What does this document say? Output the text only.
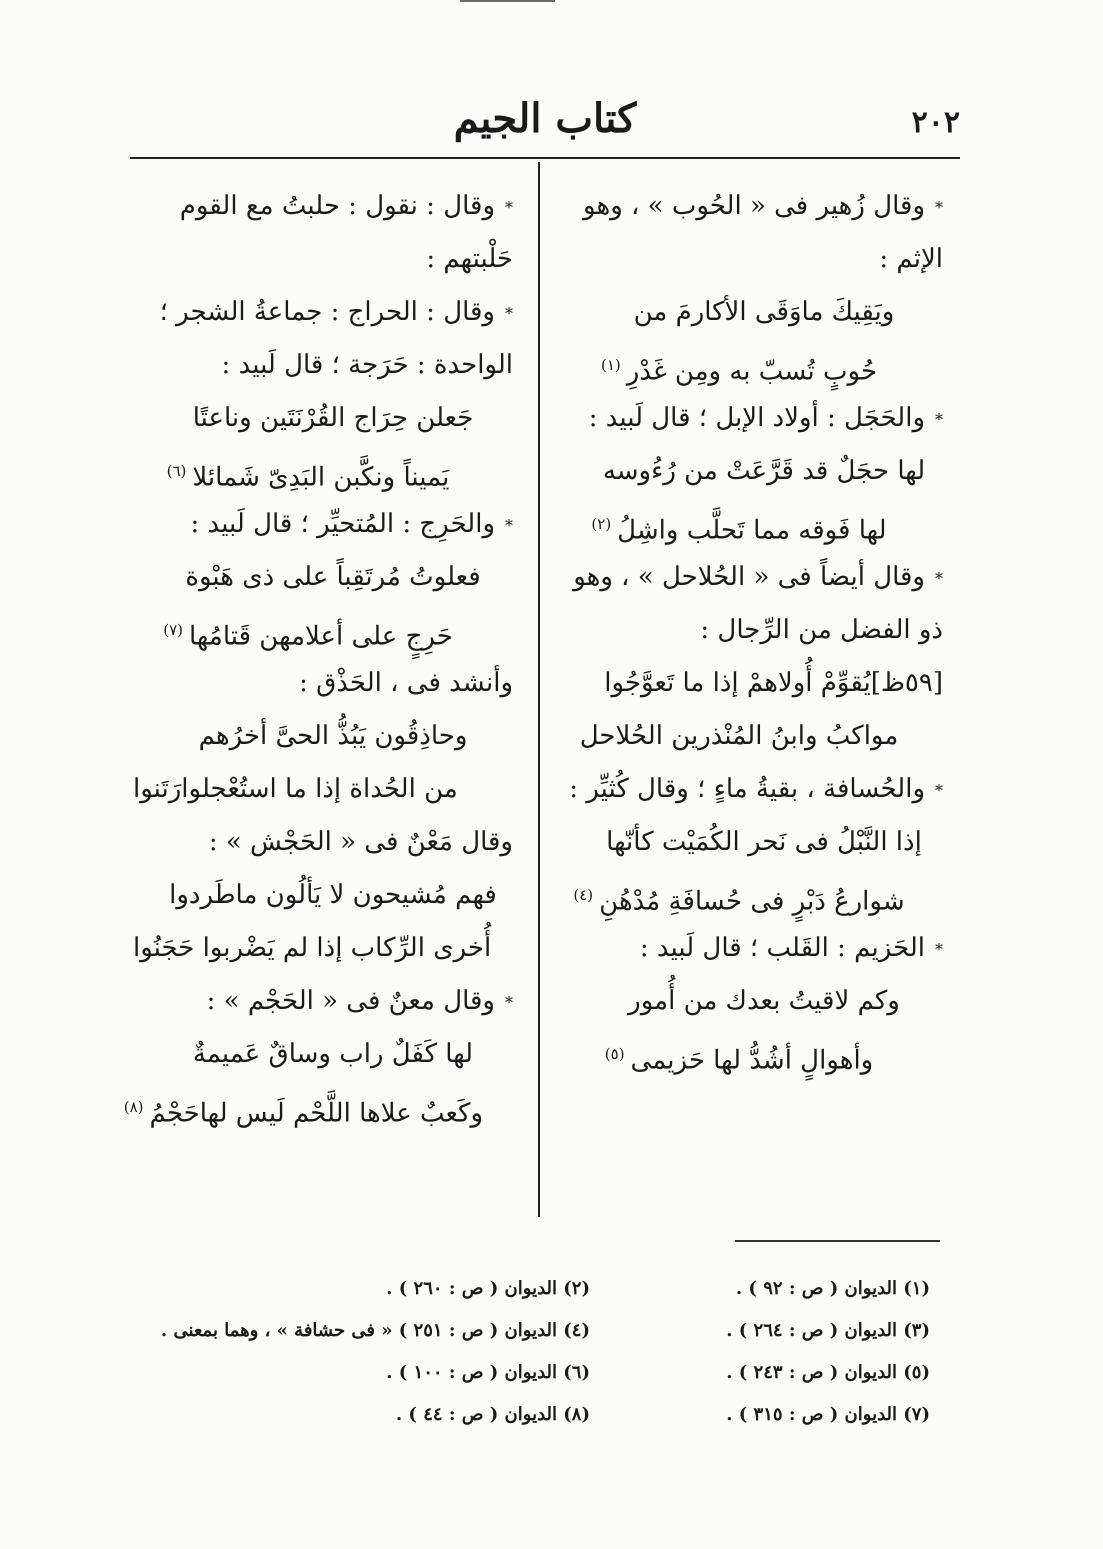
٢٠٢
كتاب الجيم
*وقال زُهير فى « الحُوب » ، وهو
الإثم :
ويَقِيكَ ماوَقَى الأكارمَ من
حُوبٍ تُسبّ به ومِن غَدْرِ$^{(١)}$
*والحَجَل : أولاد الإبل ؛ قال لَبيد :
لها حجَلٌ قد قَرَّعَتْ من رُءُوسه
لها فَوقه مما تَحلَّب واشِلُ$^{(٢)}$
*وقال أيضاً فى « الحُلاحل » ، وهو
ذو الفضل من الرِّجال :
[٥٩ظ]يُقوِّمْ أُولاهمْ إذا ما تَعوَّجُوا
مواكبُ وابنُ المُنْذرين الحُلاحل
*والحُسافة ، بقيةُ ماءٍ ؛ وقال كُثيِّر :
إذا النَّبْلُ فى نَحر الكُمَيْت كأنّها
شوارعُ دَبْرٍ فى حُسافَةِ مُدْهُنِ$^{(٤)}$
*الحَزيم : القَلب ؛ قال لَبيد :
وكم لاقيتُ بعدك من أُمور
وأهوالٍ أشُدُّ لها حَزيمى$^{(٥)}$
*وقال : نقول : حلبتُ مع القوم
حَلْبتهم :
*وقال : الحراج : جماعةُ الشجر ؛
الواحدة : حَرَجة ؛ قال لَبيد :
جَعلن حِرَاج القُرْنَتَين وناعتًا
يَميناً ونكَّبن البَدِىّ شَمائلا$^{(٦)}$
*والحَرِج : المُتحيِّر ؛ قال لَبيد :
فعلوتُ مُرتَقِباً على ذى هَبْوة
حَرِجٍ على أعلامهن قَتامُها$^{(٧)}$
وأنشد فى ، الحَذْق :
وحاذِقُون يَبُذُّ الحىَّ أخرُهم
من الحُداة إذا ما استُعْجلوارَتَنوا
وقال مَعْنٌ فى « الحَجْش » :
فهم مُشيحون لا يَألُون ماطَردوا
أُخرى الرِّكاب إذا لم يَضْربوا حَجَنُوا
*وقال معنٌ فى « الحَجْم » :
لها كَفَلٌ راب وساقٌ عَميمةٌ
وكَعبٌ علاها اللَّحْم لَيس لهاحَجْمُ$^{(٨)}$
(١) الديوان ( ص : ٩٢ ) .
(٣) الديوان ( ص : ٢٦٤ ) .
(٥) الديوان ( ص : ٢٤٣ ) .
(٧) الديوان ( ص : ٣١٥ ) .
(٢) الديوان ( ص : ٢٦٠ ) .
(٤) الديوان ( ص : ٢٥١ ) « فى حشافة » ، وهما بمعنى .
(٦) الديوان ( ص : ١٠٠ ) .
(٨) الديوان ( ص : ٤٤ ) .
